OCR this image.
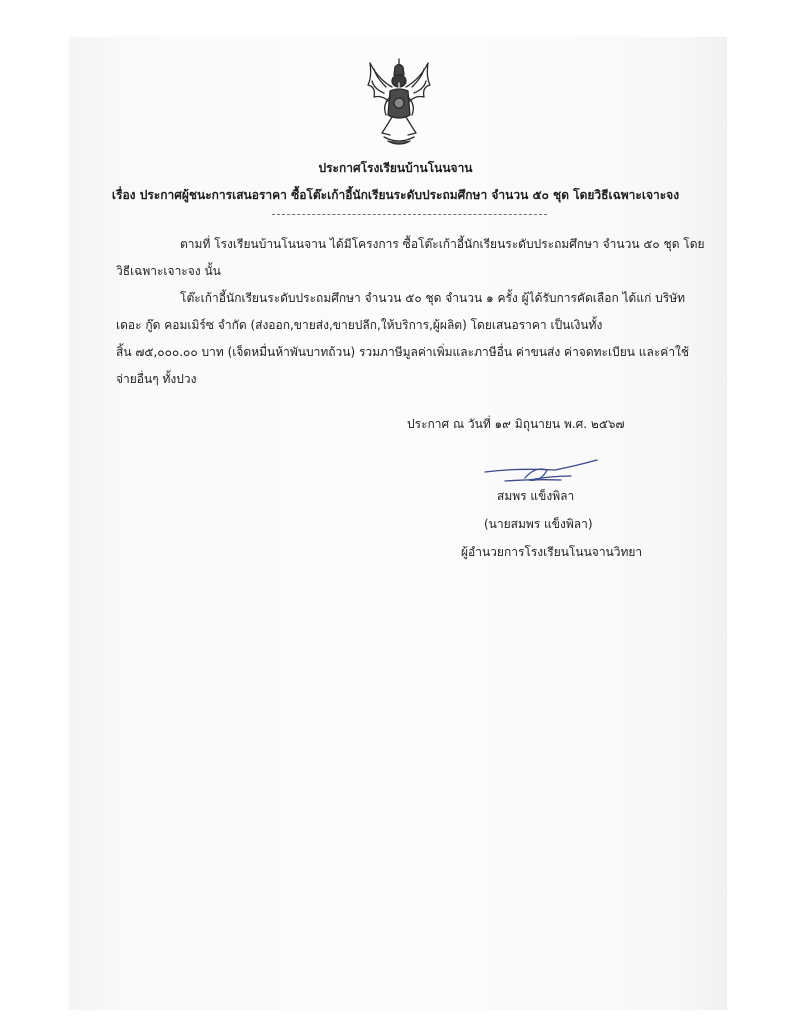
ประกาศโรงเรียนบ้านโนนจาน
เรื่อง ประกาศผู้ชนะการเสนอราคา ซื้อโต๊ะเก้าอี้นักเรียนระดับประถมศึกษา จำนวน ๕๐ ชุด โดยวิธีเฉพาะเจาะจง
ตามที่ โรงเรียนบ้านโนนจาน ได้มีโครงการ ซื้อโต๊ะเก้าอี้นักเรียนระดับประถมศึกษา จำนวน ๕๐ ชุด โดย
วิธีเฉพาะเจาะจง นั้น
โต๊ะเก้าอี้นักเรียนระดับประถมศึกษา จำนวน ๕๐ ชุด จำนวน ๑ ครั้ง ผู้ได้รับการคัดเลือก ได้แก่ บริษัท
เดอะ กู๊ด คอมเมิร์ซ จำกัด (ส่งออก,ขายส่ง,ขายปลีก,ให้บริการ,ผู้ผลิต) โดยเสนอราคา เป็นเงินทั้ง
สิ้น ๗๕,๐๐๐.๐๐ บาท (เจ็ดหมื่นห้าพันบาทถ้วน) รวมภาษีมูลค่าเพิ่มและภาษีอื่น ค่าขนส่ง ค่าจดทะเบียน และค่าใช้
จ่ายอื่นๆ ทั้งปวง
ประกาศ ณ วันที่ ๑๙ มิถุนายน พ.ศ. ๒๕๖๗
สมพร แข็งพิลา
(นายสมพร แข็งพิลา)
ผู้อำนวยการโรงเรียนโนนจานวิทยา
